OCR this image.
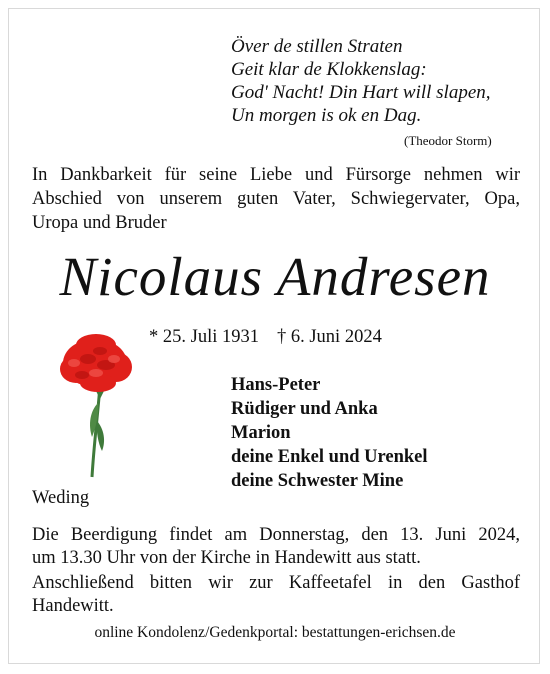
Över de stillen Straten
Geit klar de Klokkenslag:
God' Nacht! Din Hart will slapen,
Un morgen is ok en Dag.
(Theodor Storm)
In Dankbarkeit für seine Liebe und Fürsorge nehmen wir
Abschied von unserem guten Vater, Schwiegervater, Opa,
Uropa und Bruder
Nicolaus Andresen
* 25. Juli 1931 † 6. Juni 2024
Hans-Peter
Rüdiger und Anka
Marion
deine Enkel und Urenkel
deine Schwester Mine
Weding
Die Beerdigung findet am Donnerstag, den 13. Juni 2024,
um 13.30 Uhr von der Kirche in Handewitt aus statt.
Anschließend bitten wir zur Kaffeetafel in den Gasthof
Handewitt.
online Kondolenz/Gedenkportal: bestattungen-erichsen.de
